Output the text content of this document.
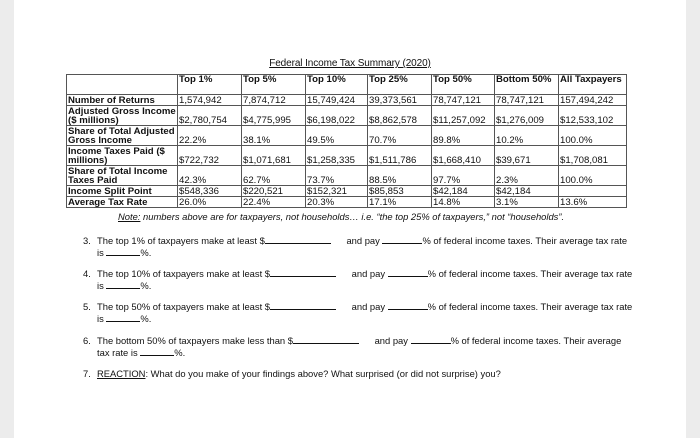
Federal Income Tax Summary (2020)
	Top 1%	Top 5%	Top 10%	Top 25%	Top 50%	Bottom 50%	All Taxpayers
Number of Returns	1,574,942	7,874,712	15,749,424	39,373,561	78,747,121	78,747,121	157,494,242
Adjusted Gross Income ($ millions)	$2,780,754	$4,775,995	$6,198,022	$8,862,578	$11,257,092	$1,276,009	$12,533,102
Share of Total Adjusted Gross Income	22.2%	38.1%	49.5%	70.7%	89.8%	10.2%	100.0%
Income Taxes Paid ($ millions)	$722,732	$1,071,681	$1,258,335	$1,511,786	$1,668,410	$39,671	$1,708,081
Share of Total Income Taxes Paid	42.3%	62.7%	73.7%	88.5%	97.7%	2.3%	100.0%
Income Split Point	$548,336	$220,521	$152,321	$85,853	$42,184	$42,184	
Average Tax Rate	26.0%	22.4%	20.3%	17.1%	14.8%	3.1%	13.6%
Note: numbers above are for taxpayers, not households… i.e. “the top 25% of taxpayers,” not “households”.
3. The top 1% of taxpayers make at least $	and pay	% of federal income taxes. Their average tax rate
is	%.
4. The top 10% of taxpayers make at least $	and pay	% of federal income taxes. Their average tax rate
is	%.
5. The top 50% of taxpayers make at least $	and pay	% of federal income taxes. Their average tax rate
is	%.
6. The bottom 50% of taxpayers make less than $	and pay	% of federal income taxes. Their average
tax rate is	%.
7. REACTION: What do you make of your findings above? What surprised (or did not surprise) you?
